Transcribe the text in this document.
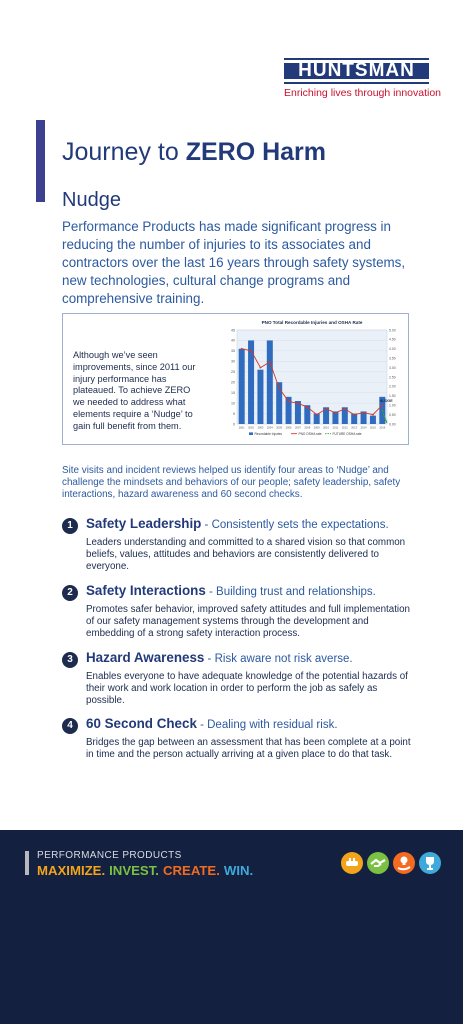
HUNTSMAN
Enriching lives through innovation
Journey to ZERO Harm
Nudge
Performance Products has made significant progress in reducing the number of injuries to its associates and contractors over the last 16 years through safety systems, new technologies, cultural change programs and comprehensive training.
Although we’ve seen improvements, since 2011 our injury performance has plateaued. To achieve ZERO we needed to address what elements require a ‘Nudge’ to gain full benefit from them.
PNO Total Recordable Injuries and OSHA Rate
45
40
35
30
25
20
15
10
5
0
5.00
4.50
4.00
3.50
3.00
2.50
2.00
1.50
1.00
0.50
0.00
2001 2002 2003 2004 2005 2006 2007 2008 2009 2010 2011 2012 2013 2014 2015 2016
NUDGE
Recordable Injuries	PNO OSHA rate	FUTURE OSHA rate
Site visits and incident reviews helped us identify four areas to ‘Nudge’ and challenge the mindsets and behaviors of our people; safety leadership, safety interactions, hazard awareness and 60 second checks.
1 Safety Leadership - Consistently sets the expectations.
Leaders understanding and committed to a shared vision so that common beliefs, values, attitudes and behaviors are consistently delivered to everyone.
2 Safety Interactions - Building trust and relationships.
Promotes safer behavior, improved safety attitudes and full implementation of our safety management systems through the development and embedding of a strong safety interaction process.
3 Hazard Awareness - Risk aware not risk averse.
Enables everyone to have adequate knowledge of the potential hazards of their work and work location in order to perform the job as safely as possible.
4 60 Second Check - Dealing with residual risk.
Bridges the gap between an assessment that has been complete at a point in time and the person actually arriving at a given place to do that task.
PERFORMANCE PRODUCTS
MAXIMIZE. INVEST. CREATE. WIN.
